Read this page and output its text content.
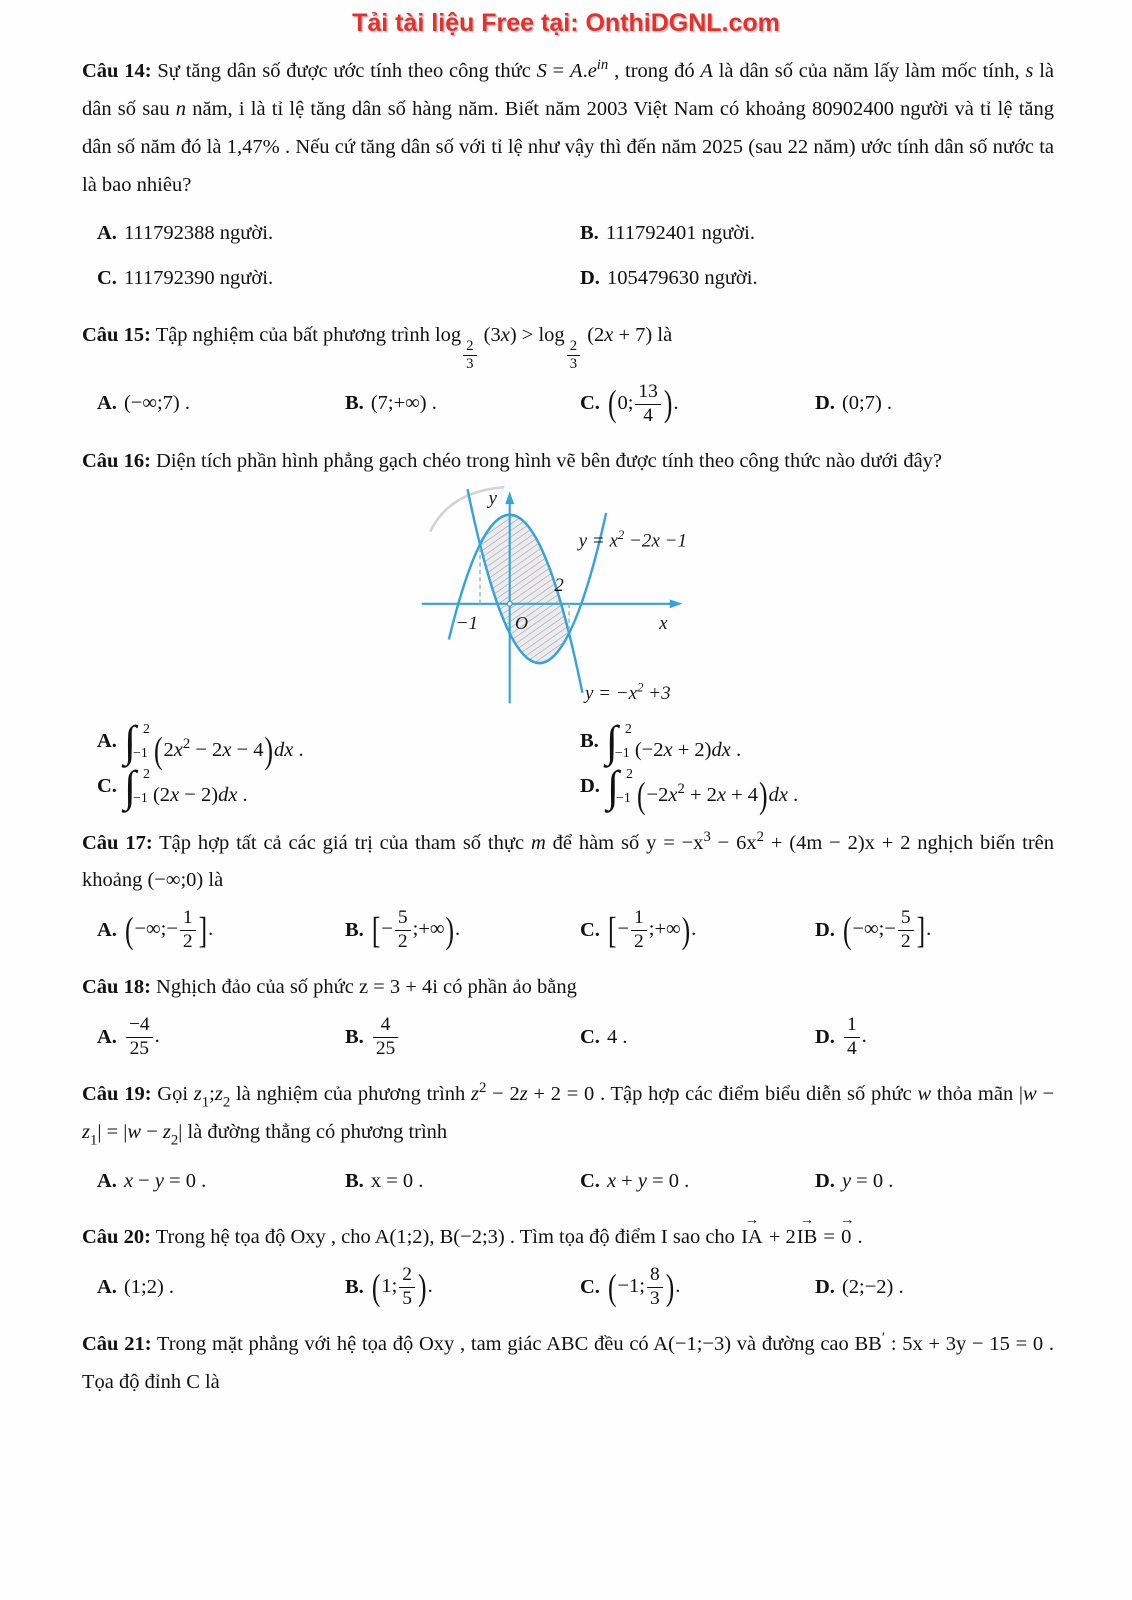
Tải tài liệu Free tại: OnthiDGNL.com

Câu 14: Sự tăng dân số được ước tính theo công thức $S = A.e^{in}$ , trong đó A là dân số của năm lấy làm mốc tính, s là dân số sau n năm, i là tỉ lệ tăng dân số hàng năm. Biết năm 2003 Việt Nam có khoảng 80902400 người và tỉ lệ tăng dân số năm đó là 1,47% . Nếu cứ tăng dân số với tỉ lệ như vậy thì đến năm 2025 (sau 22 năm) ước tính dân số nước ta là bao nhiêu?

A. 111792388 người.	B. 111792401 người.
C. 111792390 người.	D. 105479630 người.

Câu 15: Tập nghiệm của bất phương trình log
$_{\frac{2}{3}}$
(3x) > log
$_{\frac{2}{3}}$
(2x + 7) là

A. (−∞;7) .	B. (7;+∞) .	C. (0; $\frac{13}{4}$ ).	D. (0;7) .

Câu 16: Diện tích phần hình phẳng gạch chéo trong hình vẽ bên được tính theo công thức nào dưới đây?

−1 O
2
x
y
$y = x^2 -2x -1$
$y = -x^2 +3$
A. ∫ 2
−1 $(2x^2 - 2x - 4)dx$ .	B. ∫ 2
−1 (−2x + 2)dx .
C. ∫ 2
−1 (2x − 2)dx .	D. ∫ 2
−1 $(-2x^2 + 2x + 4)dx$ .

Câu 17: Tập hợp tất cả các giá trị của tham số thực m để hàm số $y = -x^3 - 6x^2 + (4m - 2)x + 2$ nghịch biến trên khoảng (−∞;0) là

A. (−∞;− $\frac{1}{2}$ ].	B. [− $\frac{5}{2}$ ;+∞).	C. [− $\frac{1}{2}$ ;+∞).	D. (−∞;− $\frac{5}{2}$ ].

Câu 18: Nghịch đảo của số phức z = 3 + 4i có phần ảo bằng

A. $\frac{-4}{25}$ .	B. $\frac{4}{25}$	C. 4 .	D. $\frac{1}{4}$ .

Câu 19: Gọi $z_1;z_2$ là nghiệm của phương trình $z^2 - 2z + 2 = 0$ . Tập hợp các điểm biểu diễn số phức w thỏa mãn $|w - z_1| = |w - z_2|$ là đường thẳng có phương trình

A. x − y = 0 .	B. x = 0 .	C. x + y = 0 .	D. y = 0 .

Câu 20: Trong hệ tọa độ Oxy , cho A(1;2), B(−2;3) . Tìm tọa độ điểm I sao cho IA → + 2IB → = 0 → .

A. (1;2) .	B. (1; $\frac{2}{5}$ ).	C. (−1; $\frac{8}{3}$ ).	D. (2;−2) .

Câu 21: Trong mặt phẳng với hệ tọa độ Oxy , tam giác ABC đều có A(−1;−3) và đường cao BB′ : 5x + 3y − 15 = 0 . Tọa độ đỉnh C là
